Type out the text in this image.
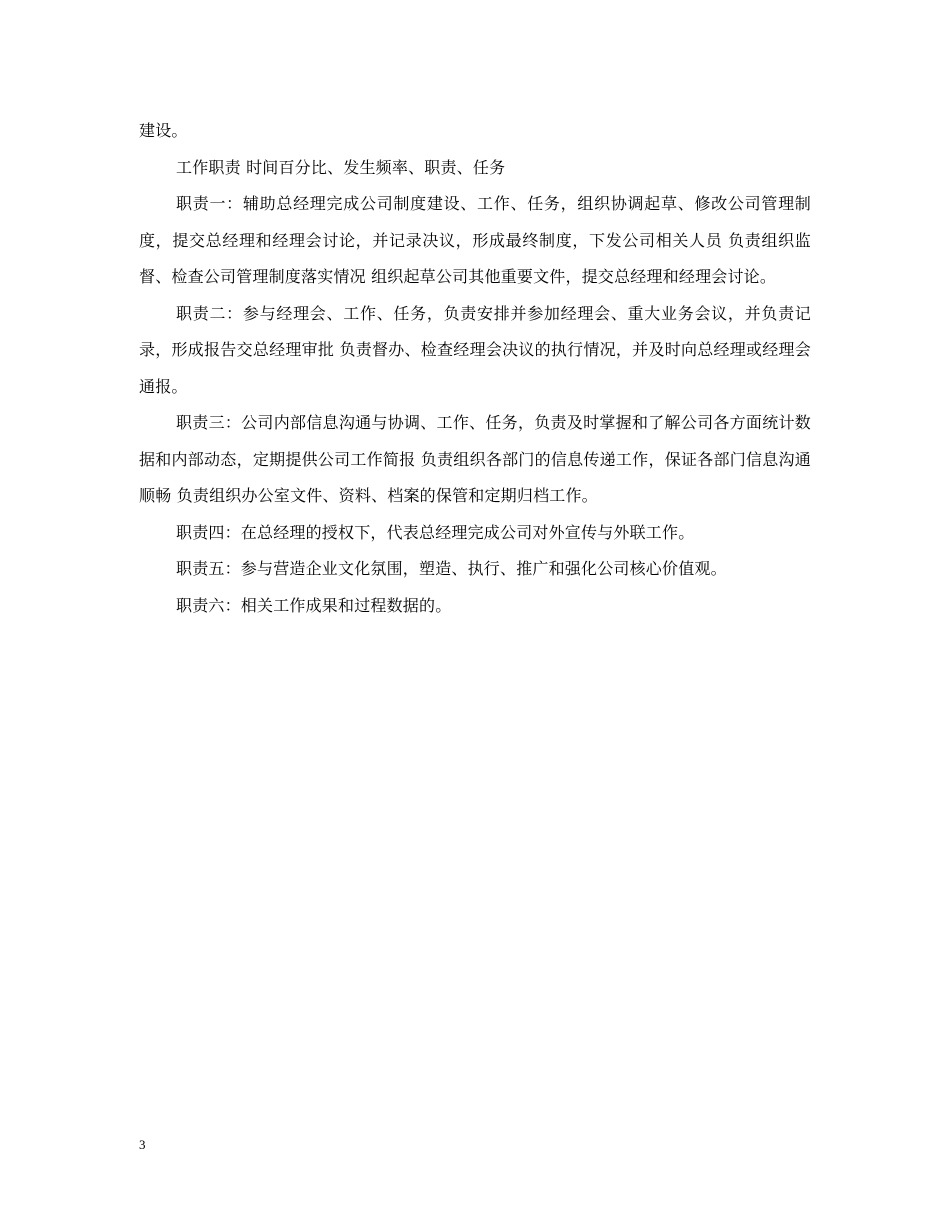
建设。

工作职责 时间百分比、发生频率、职责、任务

职责一：辅助总经理完成公司制度建设、工作、任务，组织协调起草、修改公司管理制度，提交总经理和经理会讨论，并记录决议，形成最终制度，下发公司相关人员 负责组织监督、检查公司管理制度落实情况 组织起草公司其他重要文件，提交总经理和经理会讨论。

职责二：参与经理会、工作、任务，负责安排并参加经理会、重大业务会议，并负责记录，形成报告交总经理审批 负责督办、检查经理会决议的执行情况，并及时向总经理或经理会通报。

职责三：公司内部信息沟通与协调、工作、任务，负责及时掌握和了解公司各方面统计数据和内部动态，定期提供公司工作简报 负责组织各部门的信息传递工作，保证各部门信息沟通顺畅 负责组织办公室文件、资料、档案的保管和定期归档工作。

职责四：在总经理的授权下，代表总经理完成公司对外宣传与外联工作。

职责五：参与营造企业文化氛围，塑造、执行、推广和强化公司核心价值观。

职责六：相关工作成果和过程数据的。

3
